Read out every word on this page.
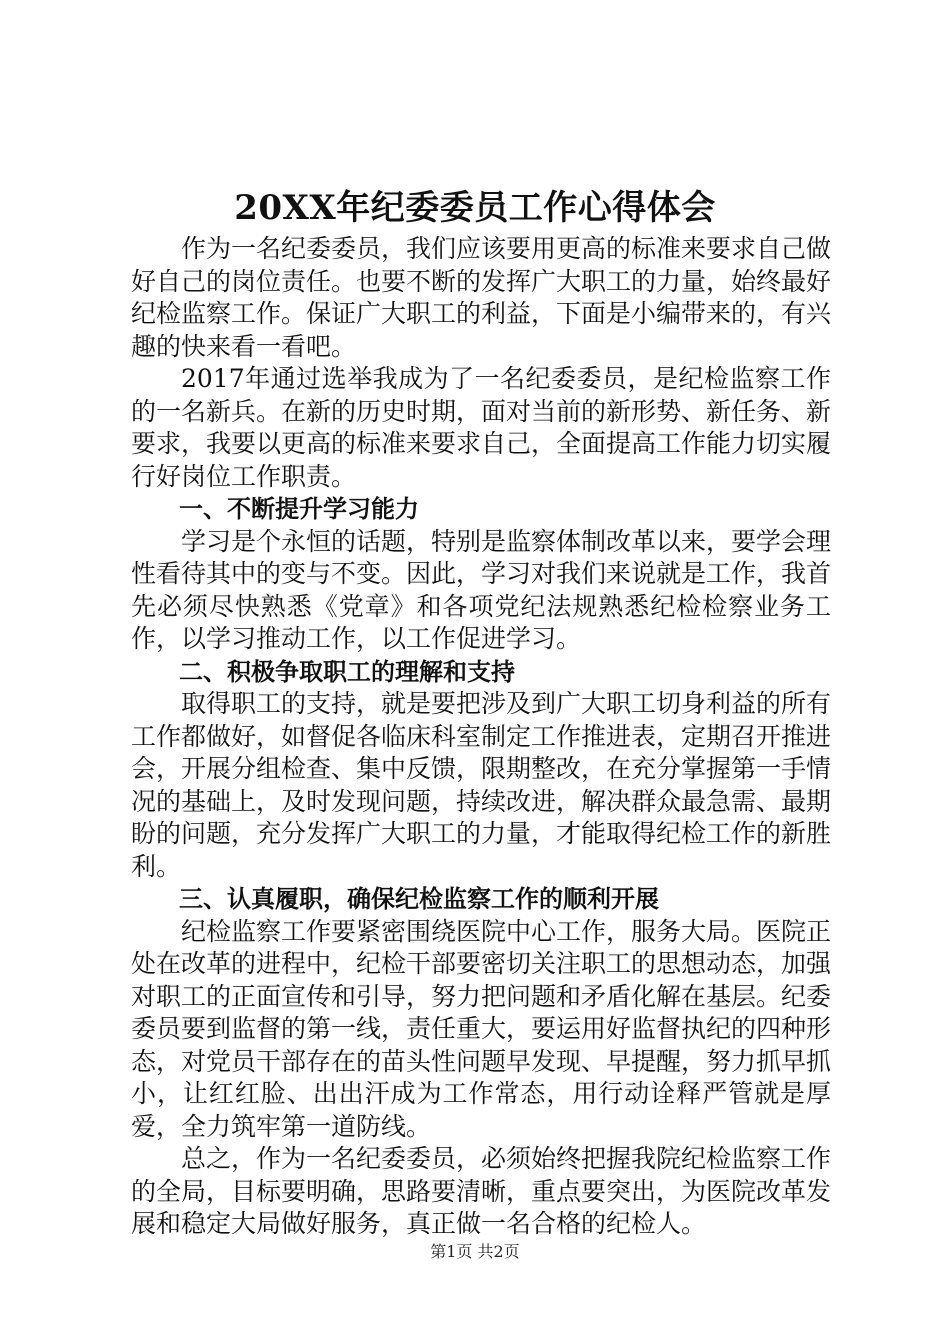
20XX年纪委委员工作心得体会

作为一名纪委委员，我们应该要用更高的标准来要求自己做好自己的岗位责任。也要不断的发挥广大职工的力量，始终最好纪检监察工作。保证广大职工的利益，下面是小编带来的，有兴趣的快来看一看吧。

2017年通过选举我成为了一名纪委委员，是纪检监察工作的一名新兵。在新的历史时期，面对当前的新形势、新任务、新要求，我要以更高的标准来要求自己，全面提高工作能力切实履行好岗位工作职责。

一、不断提升学习能力

学习是个永恒的话题，特别是监察体制改革以来，要学会理性看待其中的变与不变。因此，学习对我们来说就是工作，我首先必须尽快熟悉《党章》和各项党纪法规熟悉纪检检察业务工作，以学习推动工作，以工作促进学习。

二、积极争取职工的理解和支持

取得职工的支持，就是要把涉及到广大职工切身利益的所有工作都做好，如督促各临床科室制定工作推进表，定期召开推进会，开展分组检查、集中反馈，限期整改，在充分掌握第一手情况的基础上，及时发现问题，持续改进，解决群众最急需、最期盼的问题，充分发挥广大职工的力量，才能取得纪检工作的新胜利。

三、认真履职，确保纪检监察工作的顺利开展

纪检监察工作要紧密围绕医院中心工作，服务大局。医院正处在改革的进程中，纪检干部要密切关注职工的思想动态，加强对职工的正面宣传和引导，努力把问题和矛盾化解在基层。纪委委员要到监督的第一线，责任重大，要运用好监督执纪的四种形态，对党员干部存在的苗头性问题早发现、早提醒，努力抓早抓小，让红红脸、出出汗成为工作常态，用行动诠释严管就是厚爱，全力筑牢第一道防线。

总之，作为一名纪委委员，必须始终把握我院纪检监察工作的全局，目标要明确，思路要清晰，重点要突出，为医院改革发展和稳定大局做好服务，真正做一名合格的纪检人。

第1页 共2页
